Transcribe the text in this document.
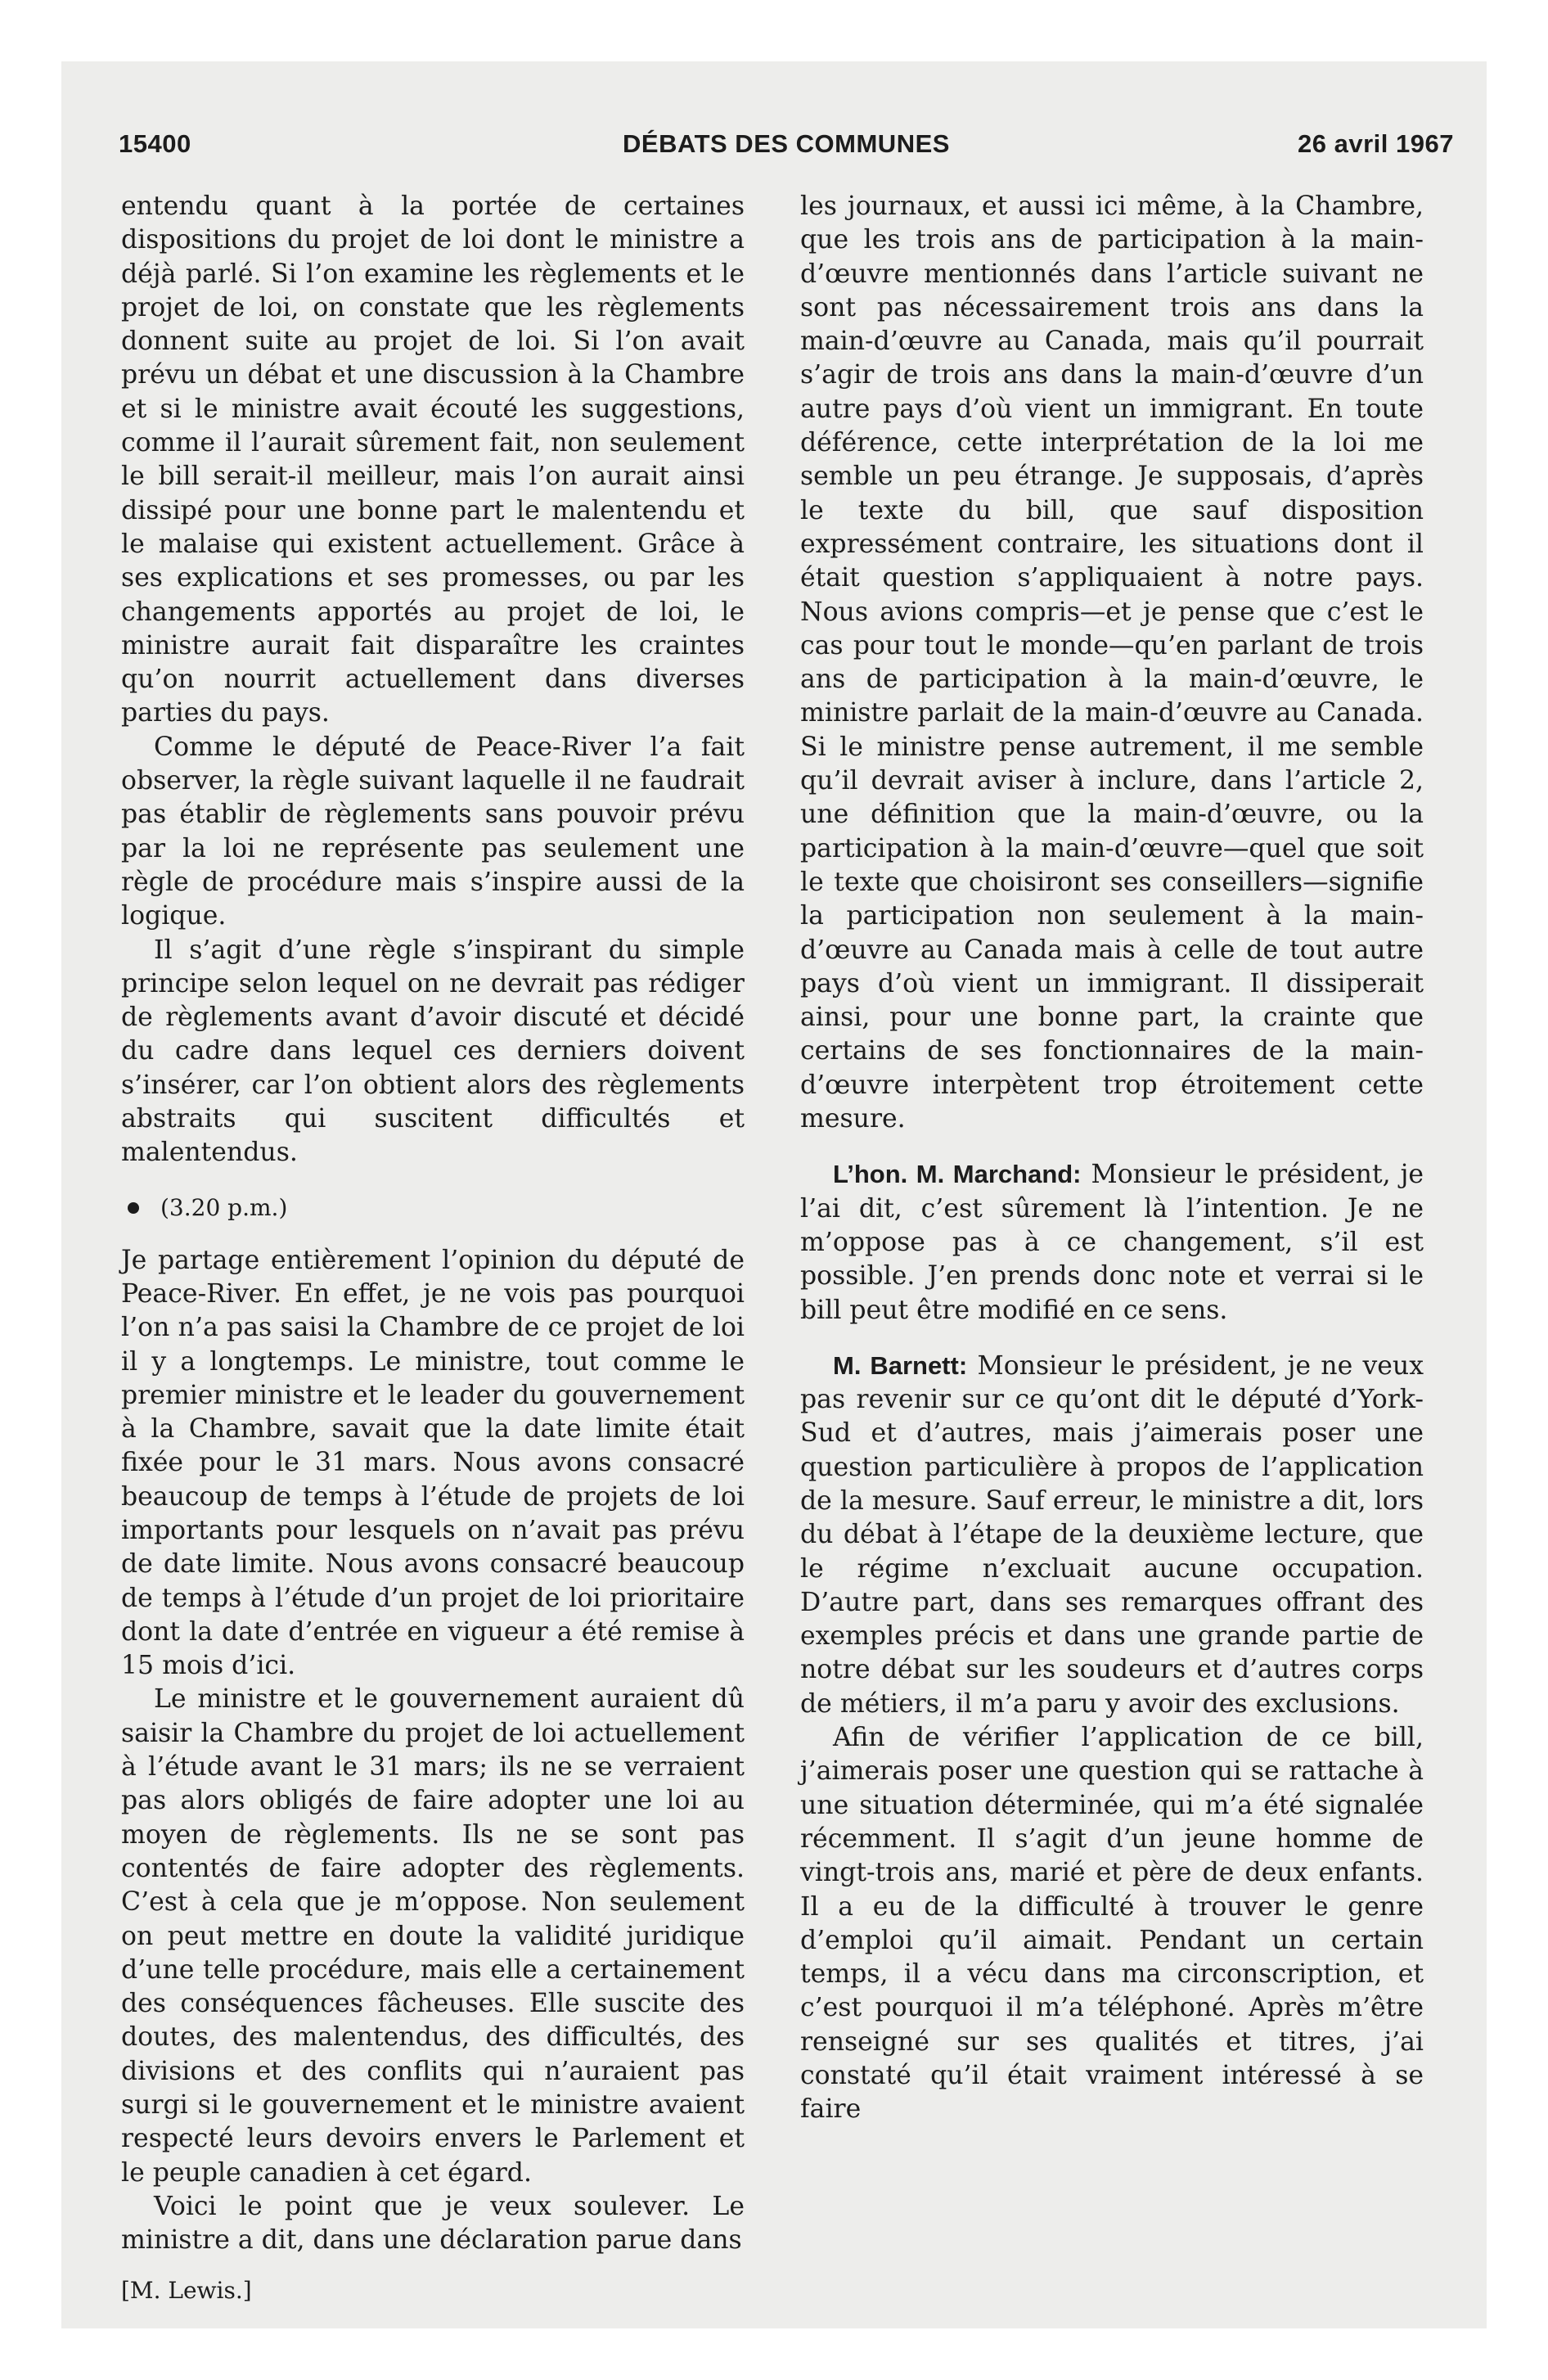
15400	DÉBATS DES COMMUNES	26 avril 1967

entendu quant à la portée de certaines dispositions du projet de loi dont le ministre a déjà parlé. Si l’on examine les règlements et le projet de loi, on constate que les règlements donnent suite au projet de loi. Si l’on avait prévu un débat et une discussion à la Chambre et si le ministre avait écouté les suggestions, comme il l’aurait sûrement fait, non seulement le bill serait-il meilleur, mais l’on aurait ainsi dissipé pour une bonne part le malentendu et le malaise qui existent actuellement. Grâce à ses explications et ses promesses, ou par les changements apportés au projet de loi, le ministre aurait fait disparaître les craintes qu’on nourrit actuellement dans diverses parties du pays.

Comme le député de Peace-River l’a fait observer, la règle suivant laquelle il ne faudrait pas établir de règlements sans pouvoir prévu par la loi ne représente pas seulement une règle de procédure mais s’inspire aussi de la logique.

Il s’agit d’une règle s’inspirant du simple principe selon lequel on ne devrait pas rédiger de règlements avant d’avoir discuté et décidé du cadre dans lequel ces derniers doivent s’insérer, car l’on obtient alors des règlements abstraits qui suscitent difficultés et malentendus.

(3.20 p.m.)

Je partage entièrement l’opinion du député de Peace-River. En effet, je ne vois pas pourquoi l’on n’a pas saisi la Chambre de ce projet de loi il y a longtemps. Le ministre, tout comme le premier ministre et le leader du gouvernement à la Chambre, savait que la date limite était fixée pour le 31 mars. Nous avons consacré beaucoup de temps à l’étude de projets de loi importants pour lesquels on n’avait pas prévu de date limite. Nous avons consacré beaucoup de temps à l’étude d’un projet de loi prioritaire dont la date d’entrée en vigueur a été remise à 15 mois d’ici.

Le ministre et le gouvernement auraient dû saisir la Chambre du projet de loi actuellement à l’étude avant le 31 mars; ils ne se verraient pas alors obligés de faire adopter une loi au moyen de règlements. Ils ne se sont pas contentés de faire adopter des règlements. C’est à cela que je m’oppose. Non seulement on peut mettre en doute la validité juridique d’une telle procédure, mais elle a certainement des conséquences fâcheuses. Elle suscite des doutes, des malentendus, des difficultés, des divisions et des conflits qui n’auraient pas surgi si le gouvernement et le ministre avaient respecté leurs devoirs envers le Parlement et le peuple canadien à cet égard.

Voici le point que je veux soulever. Le ministre a dit, dans une déclaration parue dans

[M. Lewis.]

les journaux, et aussi ici même, à la Chambre, que les trois ans de participation à la main-d’œuvre mentionnés dans l’article suivant ne sont pas nécessairement trois ans dans la main-d’œuvre au Canada, mais qu’il pourrait s’agir de trois ans dans la main-d’œuvre d’un autre pays d’où vient un immigrant. En toute déférence, cette interprétation de la loi me semble un peu étrange. Je supposais, d’après le texte du bill, que sauf disposition expressément contraire, les situations dont il était question s’appliquaient à notre pays. Nous avions compris—et je pense que c’est le cas pour tout le monde—qu’en parlant de trois ans de participation à la main-d’œuvre, le ministre parlait de la main-d’œuvre au Canada. Si le ministre pense autrement, il me semble qu’il devrait aviser à inclure, dans l’article 2, une définition que la main-d’œuvre, ou la participation à la main-d’œuvre—quel que soit le texte que choisiront ses conseillers—signifie la participation non seulement à la main-d’œuvre au Canada mais à celle de tout autre pays d’où vient un immigrant. Il dissiperait ainsi, pour une bonne part, la crainte que certains de ses fonctionnaires de la main-d’œuvre interpètent trop étroitement cette mesure.

L’hon. M. Marchand: Monsieur le président, je l’ai dit, c’est sûrement là l’intention. Je ne m’oppose pas à ce changement, s’il est possible. J’en prends donc note et verrai si le bill peut être modifié en ce sens.

M. Barnett: Monsieur le président, je ne veux pas revenir sur ce qu’ont dit le député d’York-Sud et d’autres, mais j’aimerais poser une question particulière à propos de l’application de la mesure. Sauf erreur, le ministre a dit, lors du débat à l’étape de la deuxième lecture, que le régime n’excluait aucune occupation. D’autre part, dans ses remarques offrant des exemples précis et dans une grande partie de notre débat sur les soudeurs et d’autres corps de métiers, il m’a paru y avoir des exclusions.

Afin de vérifier l’application de ce bill, j’aimerais poser une question qui se rattache à une situation déterminée, qui m’a été signalée récemment. Il s’agit d’un jeune homme de vingt-trois ans, marié et père de deux enfants. Il a eu de la difficulté à trouver le genre d’emploi qu’il aimait. Pendant un certain temps, il a vécu dans ma circonscription, et c’est pourquoi il m’a téléphoné. Après m’être renseigné sur ses qualités et titres, j’ai constaté qu’il était vraiment intéressé à se faire
